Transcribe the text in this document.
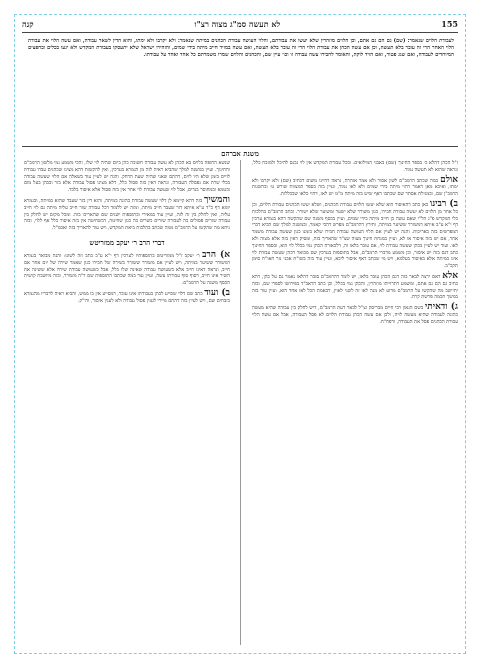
155
לא תעשה סמ"ג מצוה רצ"ו
קנה
לעבודת הלוים שנאמר: (שם) גם הם גם אתם, וכן הלוים מוזהרין שלא יעשו את עבודתם, והלוי העושה עבודת הכהנים במיתה שנאמר: ולא יקרבו ולא ימתו, והוא הדין לשאר עבודה, ואם עשה הלוי את עבודת הלוי האחר הרי זה עובר בלא תעשה, וכן אם עשה הכהן את עבודת הלוי הרי זה עובר בלא תעשה, ואם עשה במזיד חייב מיתה בידי שמים, והזהירו ישראל שלא יתעסקו בעבודת המקדש ולא יגעו בכלים ובחפצים המיוחדים לעבודה, ואם שגג פטור, ואם הזיד לוקה, והאומר לחבירו עשה עבודה זו וכו׳ עיין שם, והכהנים והלוים שמרו משמרתם כל אחד ואחד על עבודתו.
משנת אברהם

ז"ל הכהן דהלא כ׳ בספר החינוך (שם) באבני המילואים. ובכל עבודת המקדש אין לוי נכנס להיכל ולמזבח כלל, ונראה שהוא לא תעשה גמור.

אולם במה שכתב הרמב"ם לשון אסור ולא אמר אזהרה, נראה דהיינו משום דכתיב (שם) ולא יקרבו ולא ימתו, ואיכא מאן דאמר דהוי מיתה בידי שמים ולא לאו גמור, ועיין בזה בספר המצוות שורש ט׳ ובהשגות הרמב"ן שם, ובמגילת אסתר שם שכתבו דאף שיש בזה מיתה מ"מ יש לאו, דהוי כלאו שבכללות.

ב) רבינו כאן כתב דהאיסור הוא שלא יעשו הלוים עבודת הכהנים, ושלא יעשו הכהנים עבודת הלוים, וכן כל אחד מן הלוים לא יעשה עבודת חבירו, כגון משורר שלא ישער ומשוער שלא ישורר. וכתב הרמב"ם בהלכות כלי המקדש פ"ג הל"י שאם עשה כן חייב מיתה בידי שמים, ועיין בכסף משנה שם שהקשה דהא בגמרא ערכין דף י"א ע"ב איתא דמשורר ששיער במיתה, ותירץ דהרמב"ם מפרש דהכי קאמר, ובמשנה למלך שם הביא דברי המפרשים בזה באריכות. והנה יש לעיין אם הלוי העושה עבודת חבירו שלא בזמנו כגון שעשה עבודת משמר אחר, אם יש בזה איסור או לא, ועיין במנחת חינוך מצוה שצ"ד שהאריך בזה, ומסיק דאין בזה אלא מצוה ולא לאו. ועוד יש לעיין בכהן שעשה עבודת לוי, אם עובר בלאו זה, דלכאורה הכהן נמי בכלל לוי הוא, ובספר החינוך כתב דגם בזה יש איסור, וכן משמע מדברי הרמב"ם, אבל בתוספות בערכין שם מבואר דכהן שעשה עבודת לוי אינו במיתה אלא באיסור בעלמא, ויש מי שכתב דאף איסור ליכא, ועיין עוד בזה בשו"ת אבני נזר חאו"ח סימן תקכ"ב.

אלא דאם ירצה לבאר בזה דגם הכהן עובר בלאו, יש לומר דהרמב"ם סובר דהלאו נאמר גם על כהן, דהא כתיב גם הם גם אתם, ומשמע דתרוייהו מוזהרין, והכהן נמי בכלל, וכן כתב הראב"ד בפירושו לספרי שם, ובזה יתיישב מה שהקשו על הרמב"ם מדוע לא מנה לאו זה לשני לאוין, דבאמת הכל לאו אחד הוא, ועיין עוד בזה במשך חכמה פרשת קרח.

ג) ודאיתי בשם הגאון רבי חיים מבריסק זצ"ל לבאר דעת הרמב"ם, דיש לחלק בין עבודה שהיא מעשה כהונה לעבודה שהיא מעשה לויה, ולכן אם עשה הכהן עבודת הלוים לא פסל העבודה, אבל אם עשה הלוי עבודת הכהנים פסל את העבודה, ודפח"ח.

שנשא החופה בלוים בא הכהן לא עשה עבודה חשובה כהן ביום שהיה לוי שלו, והכי משמע נמי מלשון הרמב"ם והחינוך. ועיין במשנה למלך שהביא ראיה לזה מן הגמרא בערכין, ואין להקשות דהא מצינו שכהנים עבדו עבודת לויים בזמן שלא היו לוים, דהתם שאני שהיה שעת הדחק. והנה יש לעיין עוד בשאלה אם הלוי שעשה עבודה בכלי שרת אם נפסלה העבודה, ונראה דאין בזה פסול כלל, דלא מצינו פסול עבודה אלא בזר ובכהן בעל מום ובטמא ובמחוסר בגדים, אבל לוי שעשה עבודת לוי אחר אין בזה פסול אלא איסור בלבד.

והמשיך בזה דהא קיימא לן דלוי שעשה עבודת כהונה במיתה, והוא דין בזר שעבד שהוא במיתה, ובגמרא יומא דף כ"ד ע"א איתא דזר שעבד חייב מיתה, ומזה יש ללמוד דכל עבודה שזר חייב עליה מיתה גם לוי חייב עליה, ואין לחלק בין זה לזה, ועיין עוד במאירי ובתוספות ישנים שם שהאריכו בזה. ומכל מקום יש לחלק בין עבודה שזרים פסולים בה לעבודה שזרים כשרים בה כגון שחיטה, דבשחיטה אין בזה איסור כלל אף ללוי, ובזה ניחא מה שהקשו על הרמב"ם ממה שכתב בהלכות ביאת המקדש, ויש עוד להאריך בזה ואכמ"ל.

דברי הרב ר׳ יעקב ממזריטש

א) הרב ר׳ יעקב ז"ל ממזריטש בתוספותיו לערכין דף י"א ע"ב כתב וזה לשונו: והנה מבואר בגמרא דמשורר ששיער במיתה, ויש לעיין אם משורר ששורר בשירה של חבירו כגון שאמר שירה של יום אחר אם חייב, ונראה דאינו חייב אלא כשעושה עבודה שאינה שלו כלל, אבל כשעושה עבודת שירה אלא ששינה את השיר אינו חייב, דסוף סוף עבודתו עשה, ועיין עוד במה שכתבו התוספות שם ד"ה משורר, ובזה מיושבת קושית הכסף משנה על הרמב"ם.

ב) ועוד כתב שם דלוי שסייע לכהן בעבודתו אינו עובר, דמסייע אין בו ממש, והביא ראיה לדבריו מהגמרא בזבחים שם, ויש לעיין בזה דהתם מיירי לענין פסול עבודה ולא לענין איסור, ודו"ק.
